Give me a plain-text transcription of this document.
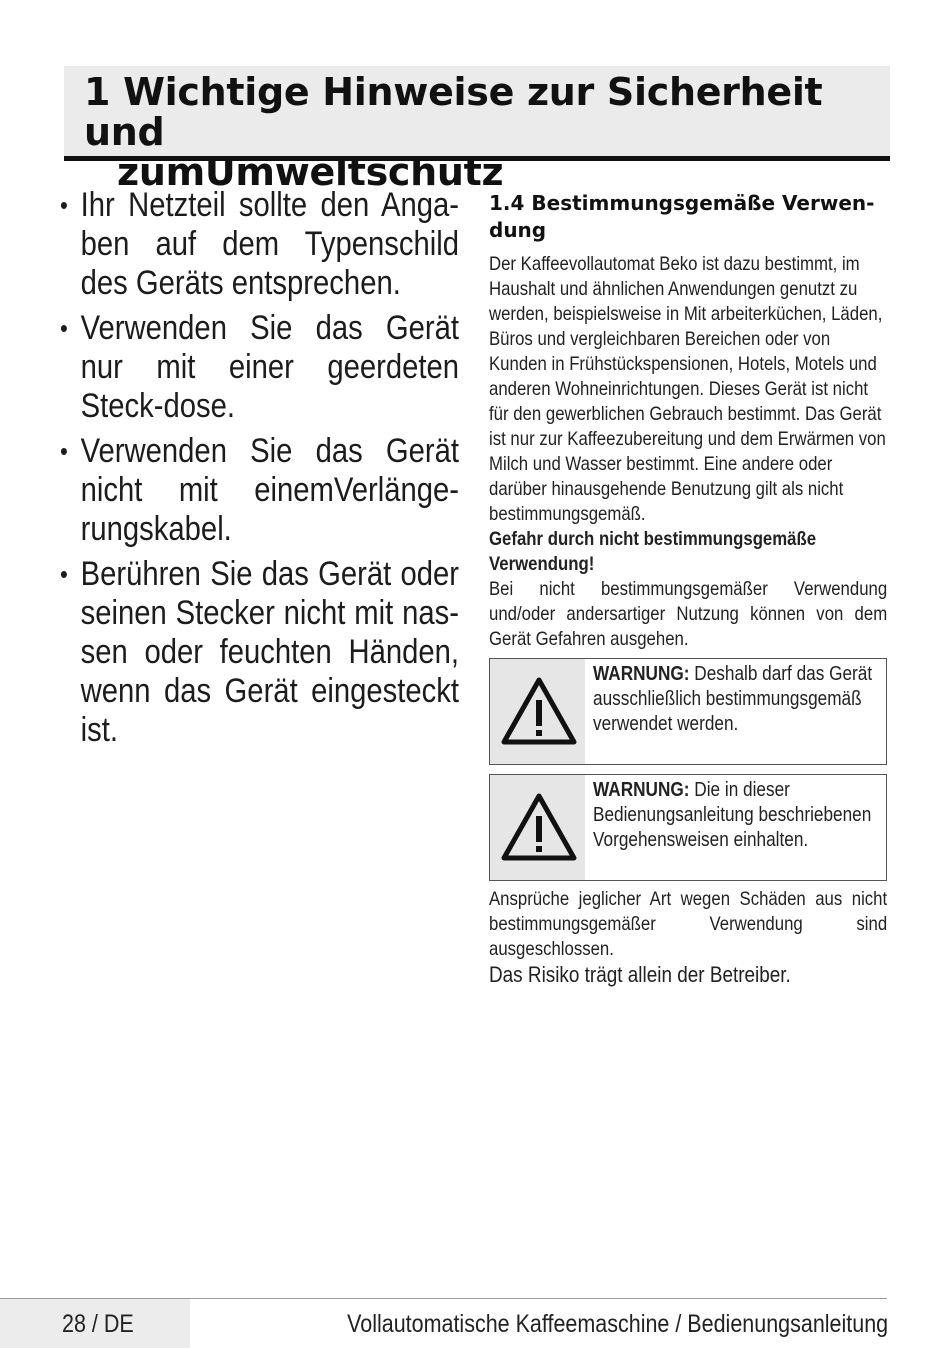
1 Wichtige Hinweise zur Sicherheit und
zumUmweltschutz
• Ihr Netzteil sollte den Anga-ben auf dem Typenschild des Geräts entsprechen.
• Verwenden Sie das Gerät nur mit einer geerdeten Steck-dose.
• Verwenden Sie das Gerät nicht mit einemVerlänge-rungskabel.
• Berühren Sie das Gerät oder seinen Stecker nicht mit nas-sen oder feuchten Händen, wenn das Gerät eingesteckt ist.
1.4 Bestimmungsgemäße Verwen-dung

Der Kaffeevollautomat Beko ist dazu bestimmt, im Haushalt und ähnlichen Anwendungen genutzt zu werden, beispielsweise in Mit arbeiterküchen, Läden, Büros und vergleichbaren Bereichen oder von Kunden in Frühstückspensionen, Hotels, Motels und anderen Wohneinrichtungen. Dieses Gerät ist nicht für den gewerblichen Gebrauch bestimmt. Das Gerät ist nur zur Kaffeezubereitung und dem Erwärmen von Milch und Wasser bestimmt. Eine andere oder darüber hinausgehende Benutzung gilt als nicht bestimmungsgemäß.

Gefahr durch nicht bestimmungsgemäße Verwendung!

Bei nicht bestimmungsgemäßer Verwendung und/oder andersartiger Nutzung können von dem Gerät Gefahren ausgehen.

WARNUNG: Deshalb darf das Gerät ausschließlich bestimmungsgemäß verwendet werden.
WARNUNG: Die in dieser Bedienungsanleitung beschriebenen Vorgehensweisen einhalten.

Ansprüche jeglicher Art wegen Schäden aus nicht bestimmungsgemäßer Verwendung sind ausgeschlossen.

Das Risiko trägt allein der Betreiber.

28 / DE	Vollautomatische Kaffeemaschine / Bedienungsanleitung
